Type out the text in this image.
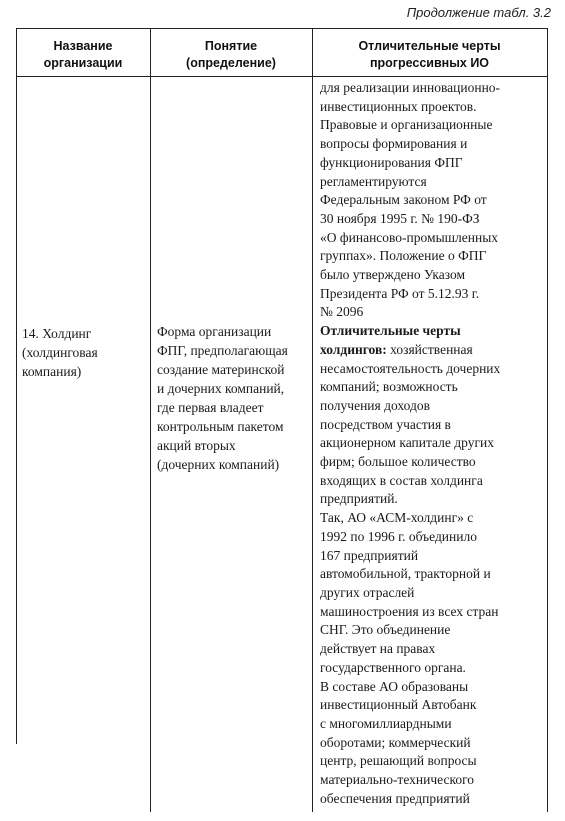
Продолжение табл. 3.2
Название
организации
Понятие
(определение)
Отличительные черты
прогрессивных ИО
14. Холдинг
(холдинговая
компания)
Форма организации
ФПГ, предполагающая
создание материнской
и дочерних компаний,
где первая владеет
контрольным пакетом
акций вторых
(дочерних компаний)
для реализации инновационно-
инвестиционных проектов.
Правовые и организационные
вопросы формирования и
функционирования ФПГ
регламентируются
Федеральным законом РФ от
30 ноября 1995 г. № 190-ФЗ
«О финансово-промышленных
группах». Положение о ФПГ
было утверждено Указом
Президента РФ от 5.12.93 г.
№ 2096
Отличительные черты
холдингов: хозяйственная
несамостоятельность дочерних
компаний; возможность
получения доходов
посредством участия в
акционерном капитале других
фирм; большое количество
входящих в состав холдинга
предприятий.
Так, АО «АСМ-холдинг» с
1992 по 1996 г. объединило
167 предприятий
автомобильной, тракторной и
других отраслей
машиностроения из всех стран
СНГ. Это объединение
действует на правах
государственного органа.
В составе АО образованы
инвестиционный Автобанк
с многомиллиардными
оборотами; коммерческий
центр, решающий вопросы
материально-технического
обеспечения предприятий
